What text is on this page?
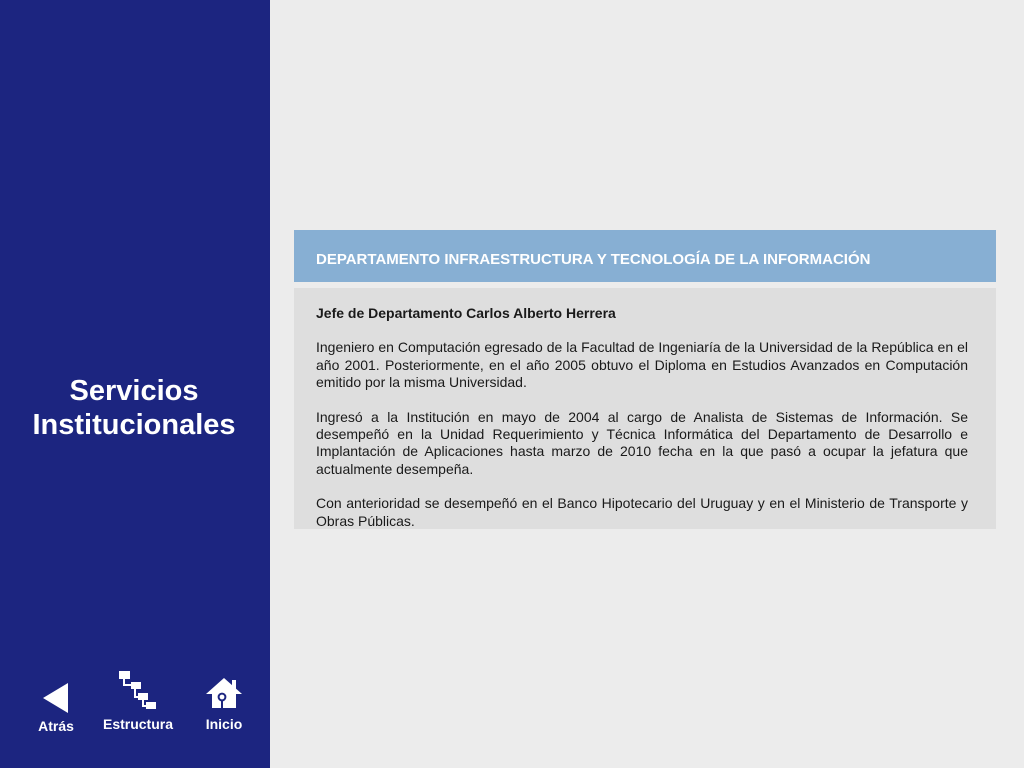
Servicios
Institucionales
Atrás	Estructura	Inicio
DEPARTAMENTO INFRAESTRUCTURA Y TECNOLOGÍA DE LA INFORMACIÓN

Jefe de Departamento Carlos Alberto Herrera

Ingeniero en Computación egresado de la Facultad de Ingeniaría de la Universidad de la República en el año 2001. Posteriormente, en el año 2005 obtuvo el Diploma en Estudios Avanzados en Computación emitido por la misma Universidad.

Ingresó a la Institución en mayo de 2004 al cargo de Analista de Sistemas de Información. Se desempeñó en la Unidad Requerimiento y Técnica Informática del Departamento de Desarrollo e Implantación de Aplicaciones hasta marzo de 2010 fecha en la que pasó a ocupar la jefatura que actualmente desempeña.

Con anterioridad se desempeñó en el Banco Hipotecario del Uruguay y en el Ministerio de Transporte y Obras Públicas.
